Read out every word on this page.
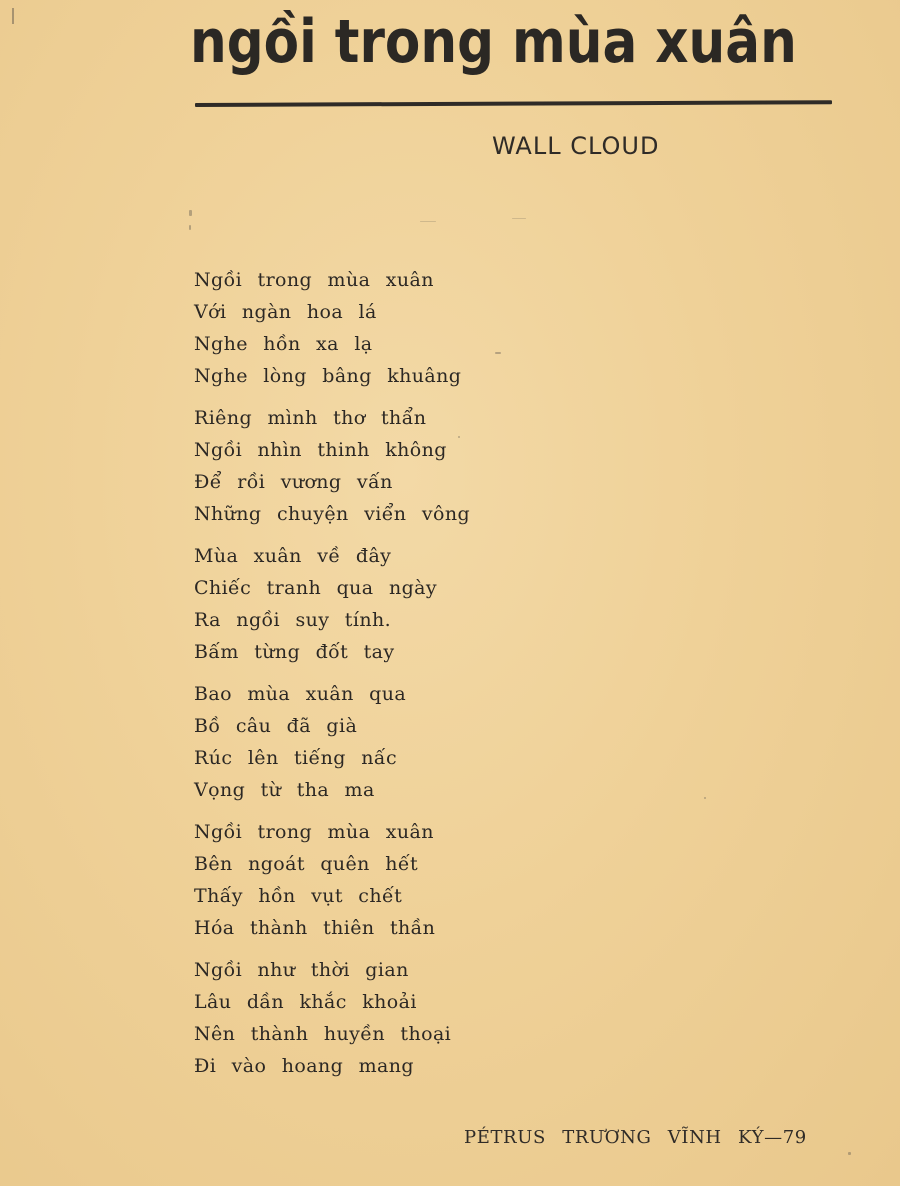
ngồi trong mùa xuân
WALL CLOUD
Ngồi trong mùa xuân
Với ngàn hoa lá
Nghe hồn xa lạ
Nghe lòng bâng khuâng
Riêng mình thơ thẩn
Ngồi nhìn thinh không
Để rồi vương vấn
Những chuyện viển vông
Mùa xuân về đây
Chiếc tranh qua ngày
Ra ngồi suy tính.
Bấm từng đốt tay
Bao mùa xuân qua
Bồ câu đã già
Rúc lên tiếng nấc
Vọng từ tha ma
Ngồi trong mùa xuân
Bên ngoát quên hết
Thấy hồn vụt chết
Hóa thành thiên thần
Ngồi như thời gian
Lâu dần khắc khoải
Nên thành huyền thoại
Đi vào hoang mang
PÉTRUS TRƯƠNG VĨNH KÝ—79
